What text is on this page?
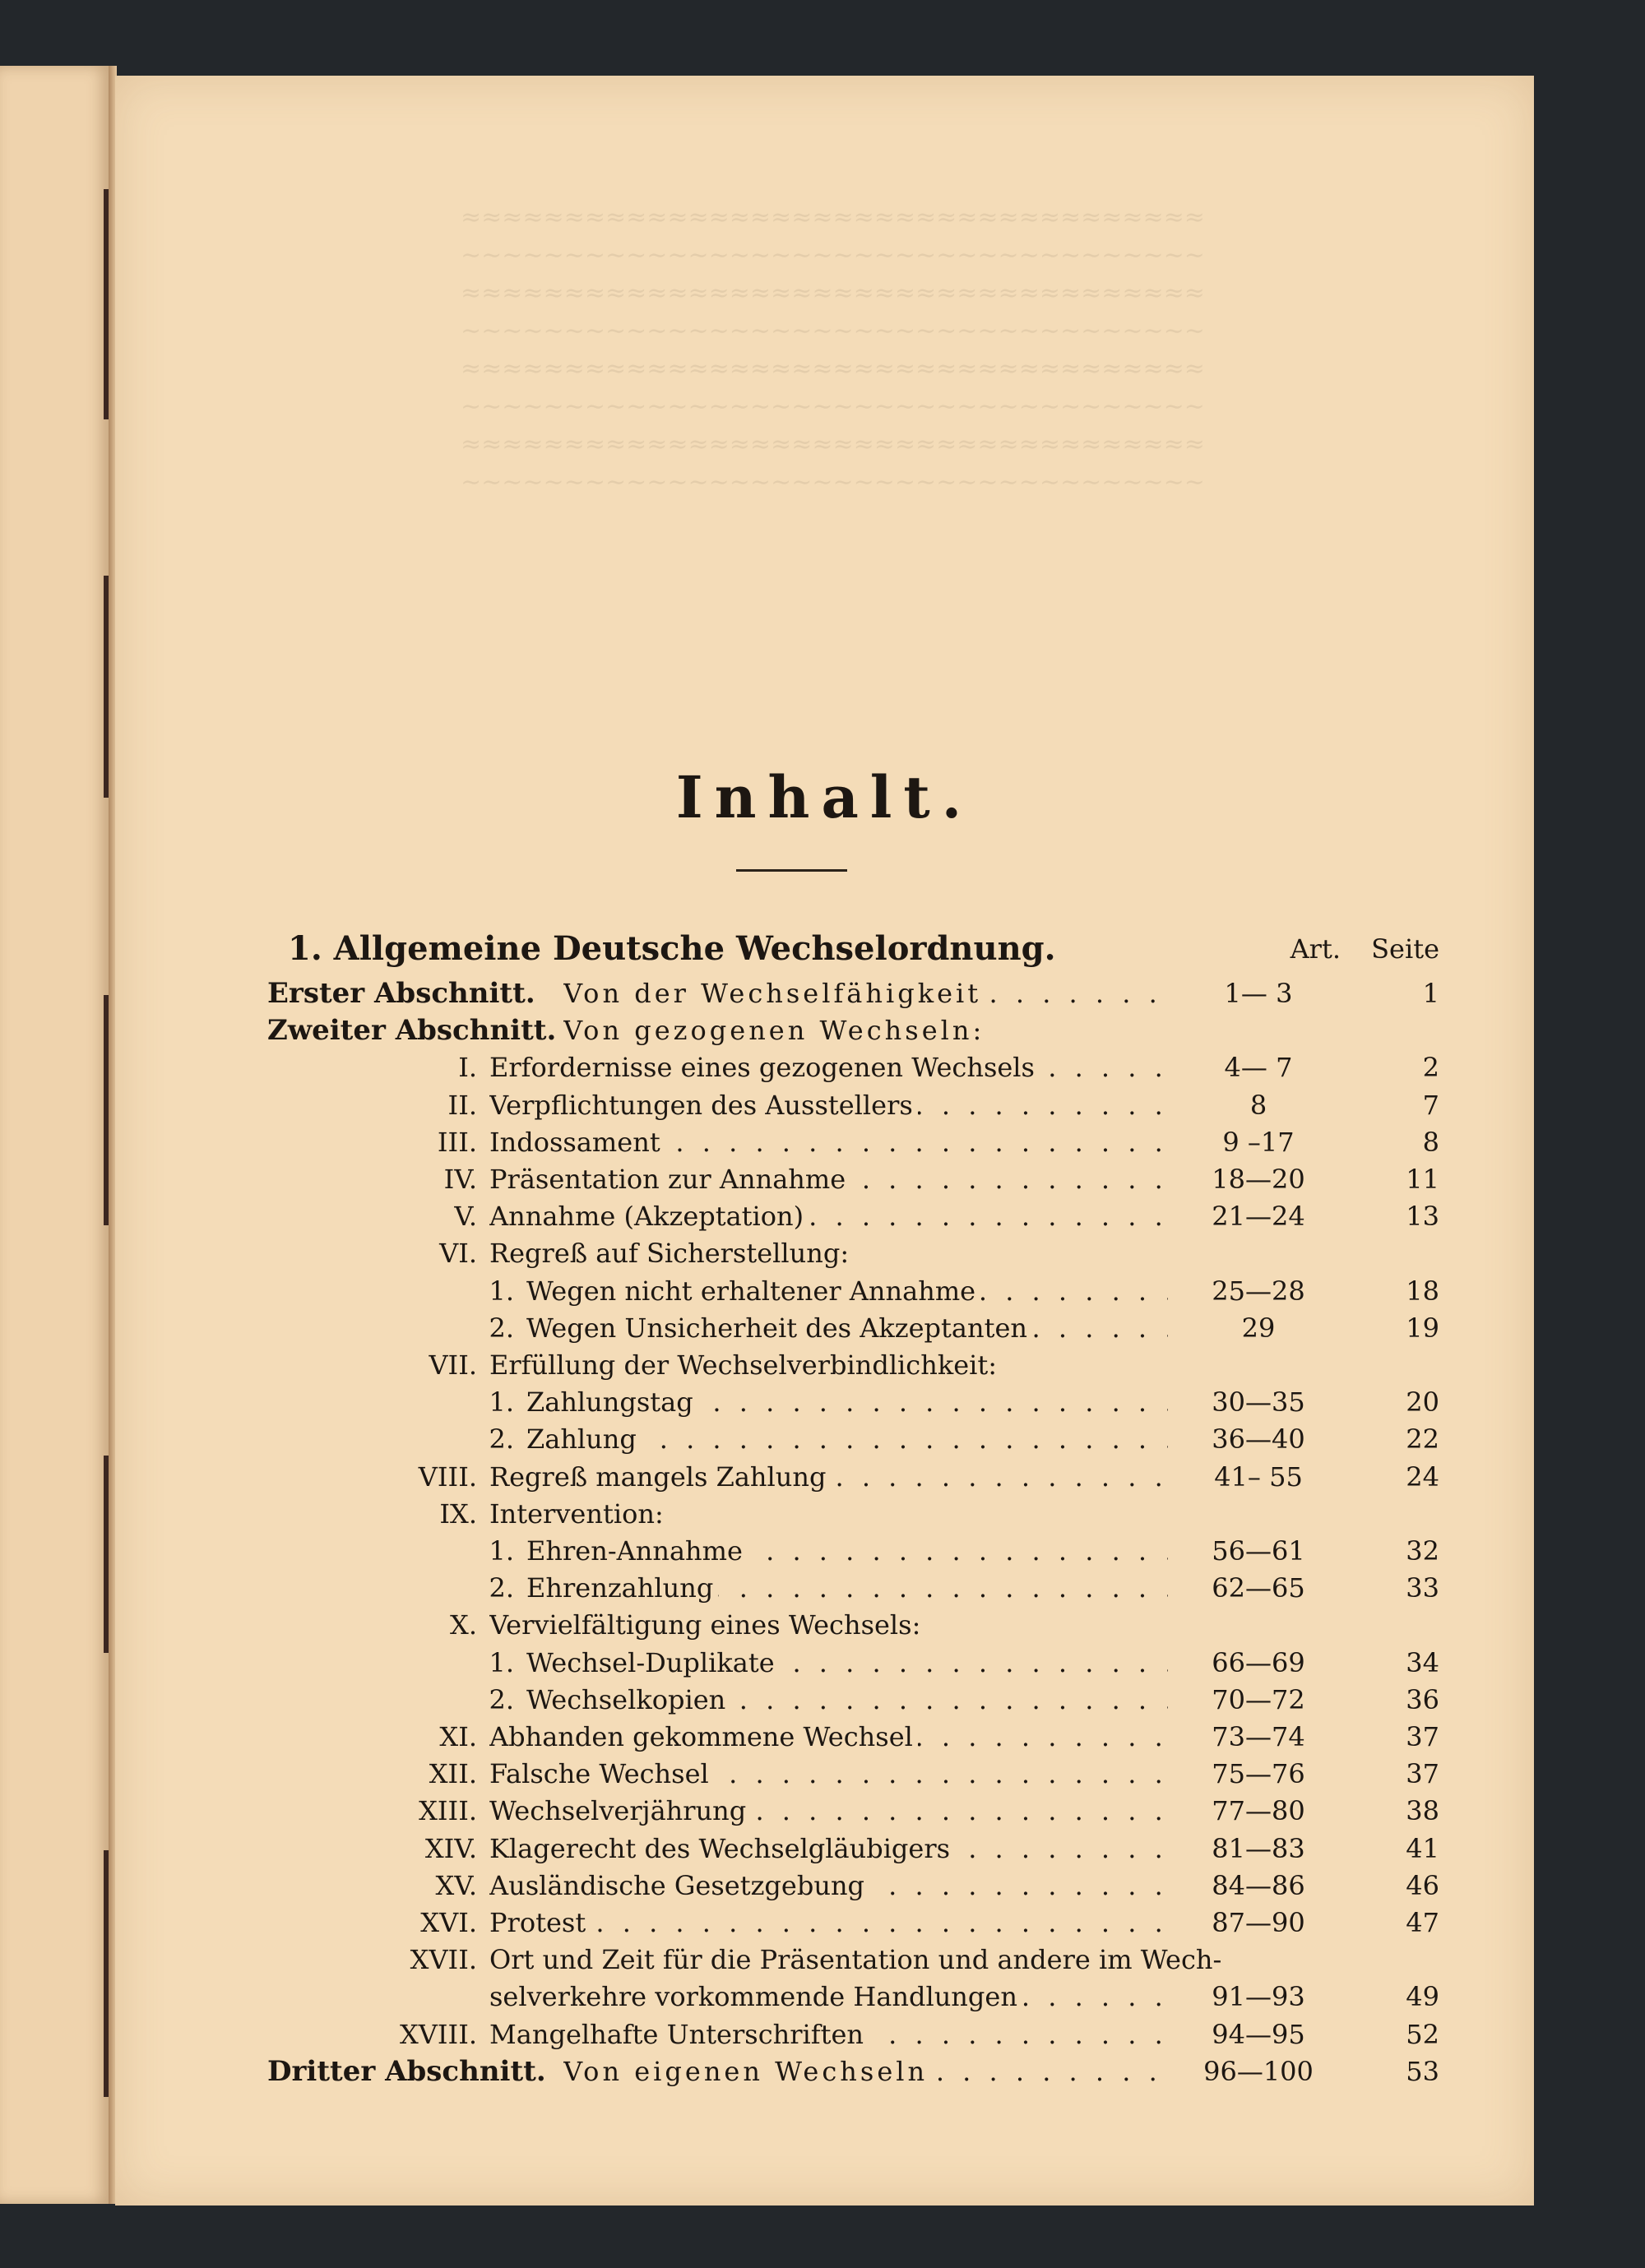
≈≈≈≈≈≈≈≈≈≈≈≈≈≈≈≈≈≈≈≈≈≈≈≈≈≈≈≈≈≈≈≈≈≈≈≈
∼∼∼∼∼∼∼∼∼∼∼∼∼∼∼∼∼∼∼∼∼∼∼∼∼∼∼∼∼∼∼∼∼∼∼∼
≈≈≈≈≈≈≈≈≈≈≈≈≈≈≈≈≈≈≈≈≈≈≈≈≈≈≈≈≈≈≈≈≈≈≈≈
∼∼∼∼∼∼∼∼∼∼∼∼∼∼∼∼∼∼∼∼∼∼∼∼∼∼∼∼∼∼∼∼∼∼∼∼
≈≈≈≈≈≈≈≈≈≈≈≈≈≈≈≈≈≈≈≈≈≈≈≈≈≈≈≈≈≈≈≈≈≈≈≈
∼∼∼∼∼∼∼∼∼∼∼∼∼∼∼∼∼∼∼∼∼∼∼∼∼∼∼∼∼∼∼∼∼∼∼∼
≈≈≈≈≈≈≈≈≈≈≈≈≈≈≈≈≈≈≈≈≈≈≈≈≈≈≈≈≈≈≈≈≈≈≈≈
∼∼∼∼∼∼∼∼∼∼∼∼∼∼∼∼∼∼∼∼∼∼∼∼∼∼∼∼∼∼∼∼∼∼∼∼
Inhalt.
1. Allgemeine Deutsche Wechselordnung.	Art.	Seite
Erster Abschnitt. Von der Wechselfähigkeit . . .	1— 3	1
Zweiter Abschnitt. Von gezogenen Wechseln:
I. Erfordernisse eines gezogenen Wechsels . . .	4— 7	2
II. Verpflichtungen des Ausstellers . . .	8	7
III. Indossament . . .	9 –17	8
IV. Präsentation zur Annahme . . .	18—20	11
V. Annahme (Akzeptation) . . .	21—24	13
VI. Regreß auf Sicherstellung:
1. Wegen nicht erhaltener Annahme . . .	25—28	18
2. Wegen Unsicherheit des Akzeptanten . . .	29	19
VII. Erfüllung der Wechselverbindlichkeit:
1. Zahlungstag . . .	30—35	20
2. Zahlung . . .	36—40	22
VIII. Regreß mangels Zahlung . . .	41– 55	24
IX. Intervention:
1. Ehren-Annahme . . .	56—61	32
2. Ehrenzahlung . . .	62—65	33
X. Vervielfältigung eines Wechsels:
1. Wechsel-Duplikate . . .	66—69	34
2. Wechselkopien . . .	70—72	36
XI. Abhanden gekommene Wechsel . . .	73—74	37
XII. Falsche Wechsel . . .	75—76	37
XIII. Wechselverjährung . . .	77—80	38
XIV. Klagerecht des Wechselgläubigers . . .	81—83	41
XV. Ausländische Gesetzgebung . . .	84—86	46
XVI. Protest . . .	87—90	47
XVII. Ort und Zeit für die Präsentation und andere im Wech-
selverkehre vorkommende Handlungen . . .	91—93	49
XVIII. Mangelhafte Unterschriften . . .	94—95	52
Dritter Abschnitt. Von eigenen Wechseln . . .	96—100	53
